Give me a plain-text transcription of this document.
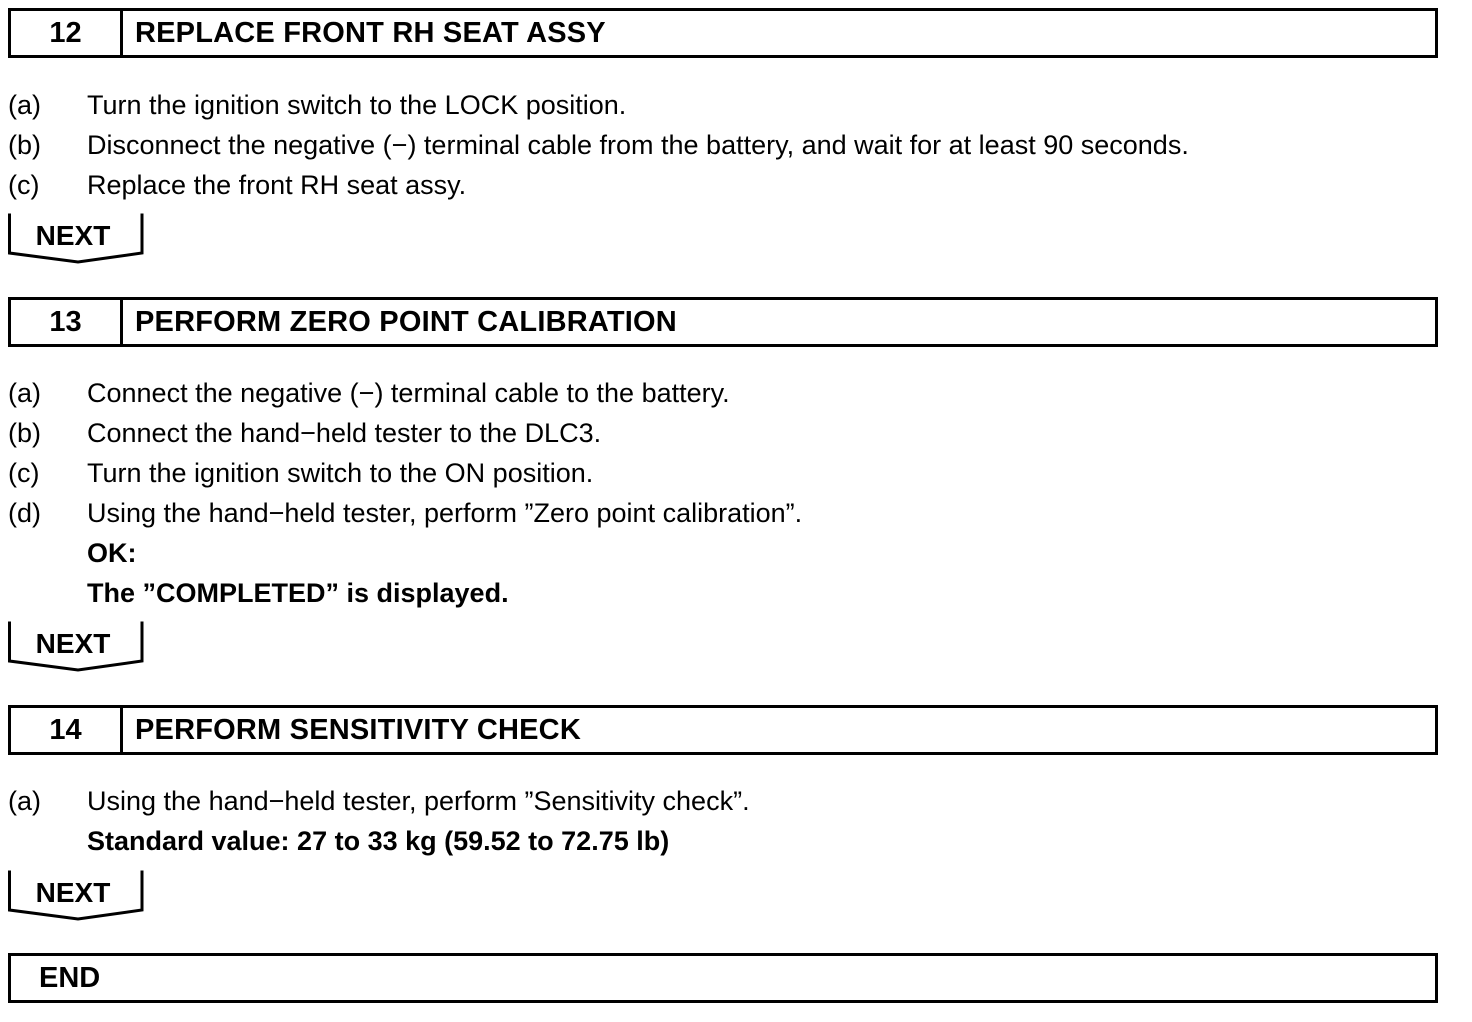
12	REPLACE FRONT RH SEAT ASSY
(a) Turn the ignition switch to the LOCK position.
(b) Disconnect the negative (−) terminal cable from the battery, and wait for at least 90 seconds.
(c) Replace the front RH seat assy.
NEXT
13	PERFORM ZERO POINT CALIBRATION
(a) Connect the negative (−) terminal cable to the battery.
(b) Connect the hand−held tester to the DLC3.
(c) Turn the ignition switch to the ON position.
(d) Using the hand−held tester, perform ”Zero point calibration”.
OK:
The ”COMPLETED” is displayed.
NEXT
14	PERFORM SENSITIVITY CHECK
(a) Using the hand−held tester, perform ”Sensitivity check”.
Standard value: 27 to 33 kg (59.52 to 72.75 lb)
NEXT
END
